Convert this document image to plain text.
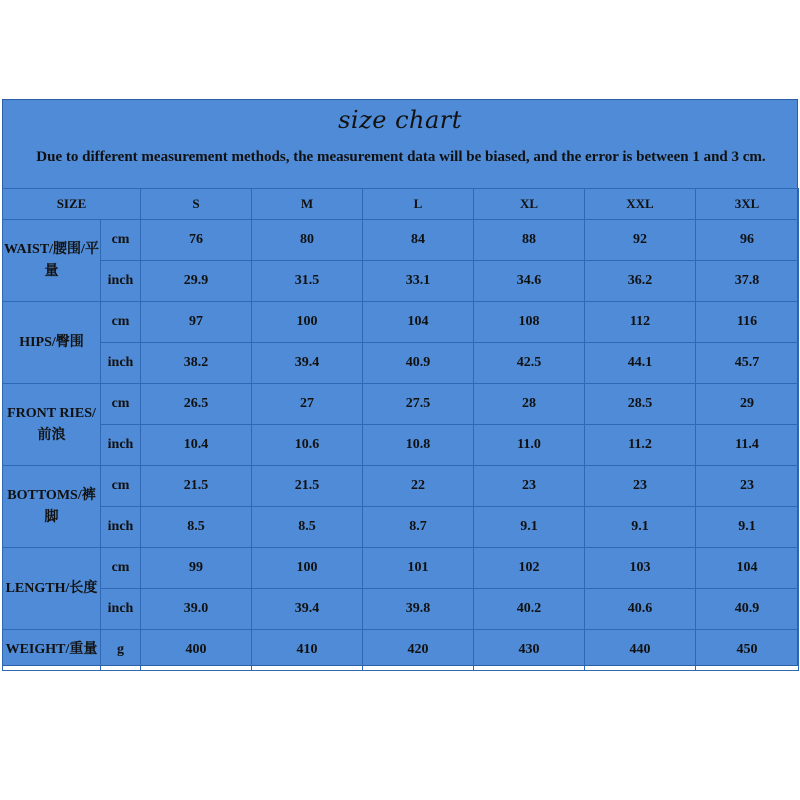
size chart
Due to different measurement methods, the measurement data will be biased, and the error is between 1 and 3 cm.
SIZE		S	M	L	XL	XXL	3XL
WAIST/腰围/平量	cm	76	80	84	88	92	96
	inch	29.9	31.5	33.1	34.6	36.2	37.8
HIPS/臀围	cm	97	100	104	108	112	116
	inch	38.2	39.4	40.9	42.5	44.1	45.7
FRONT RIES/前浪	cm	26.5	27	27.5	28	28.5	29
	inch	10.4	10.6	10.8	11.0	11.2	11.4
BOTTOMS/裤脚	cm	21.5	21.5	22	23	23	23
	inch	8.5	8.5	8.7	9.1	9.1	9.1
LENGTH/长度	cm	99	100	101	102	103	104
	inch	39.0	39.4	39.8	40.2	40.6	40.9
WEIGHT/重量	g	400	410	420	430	440	450
